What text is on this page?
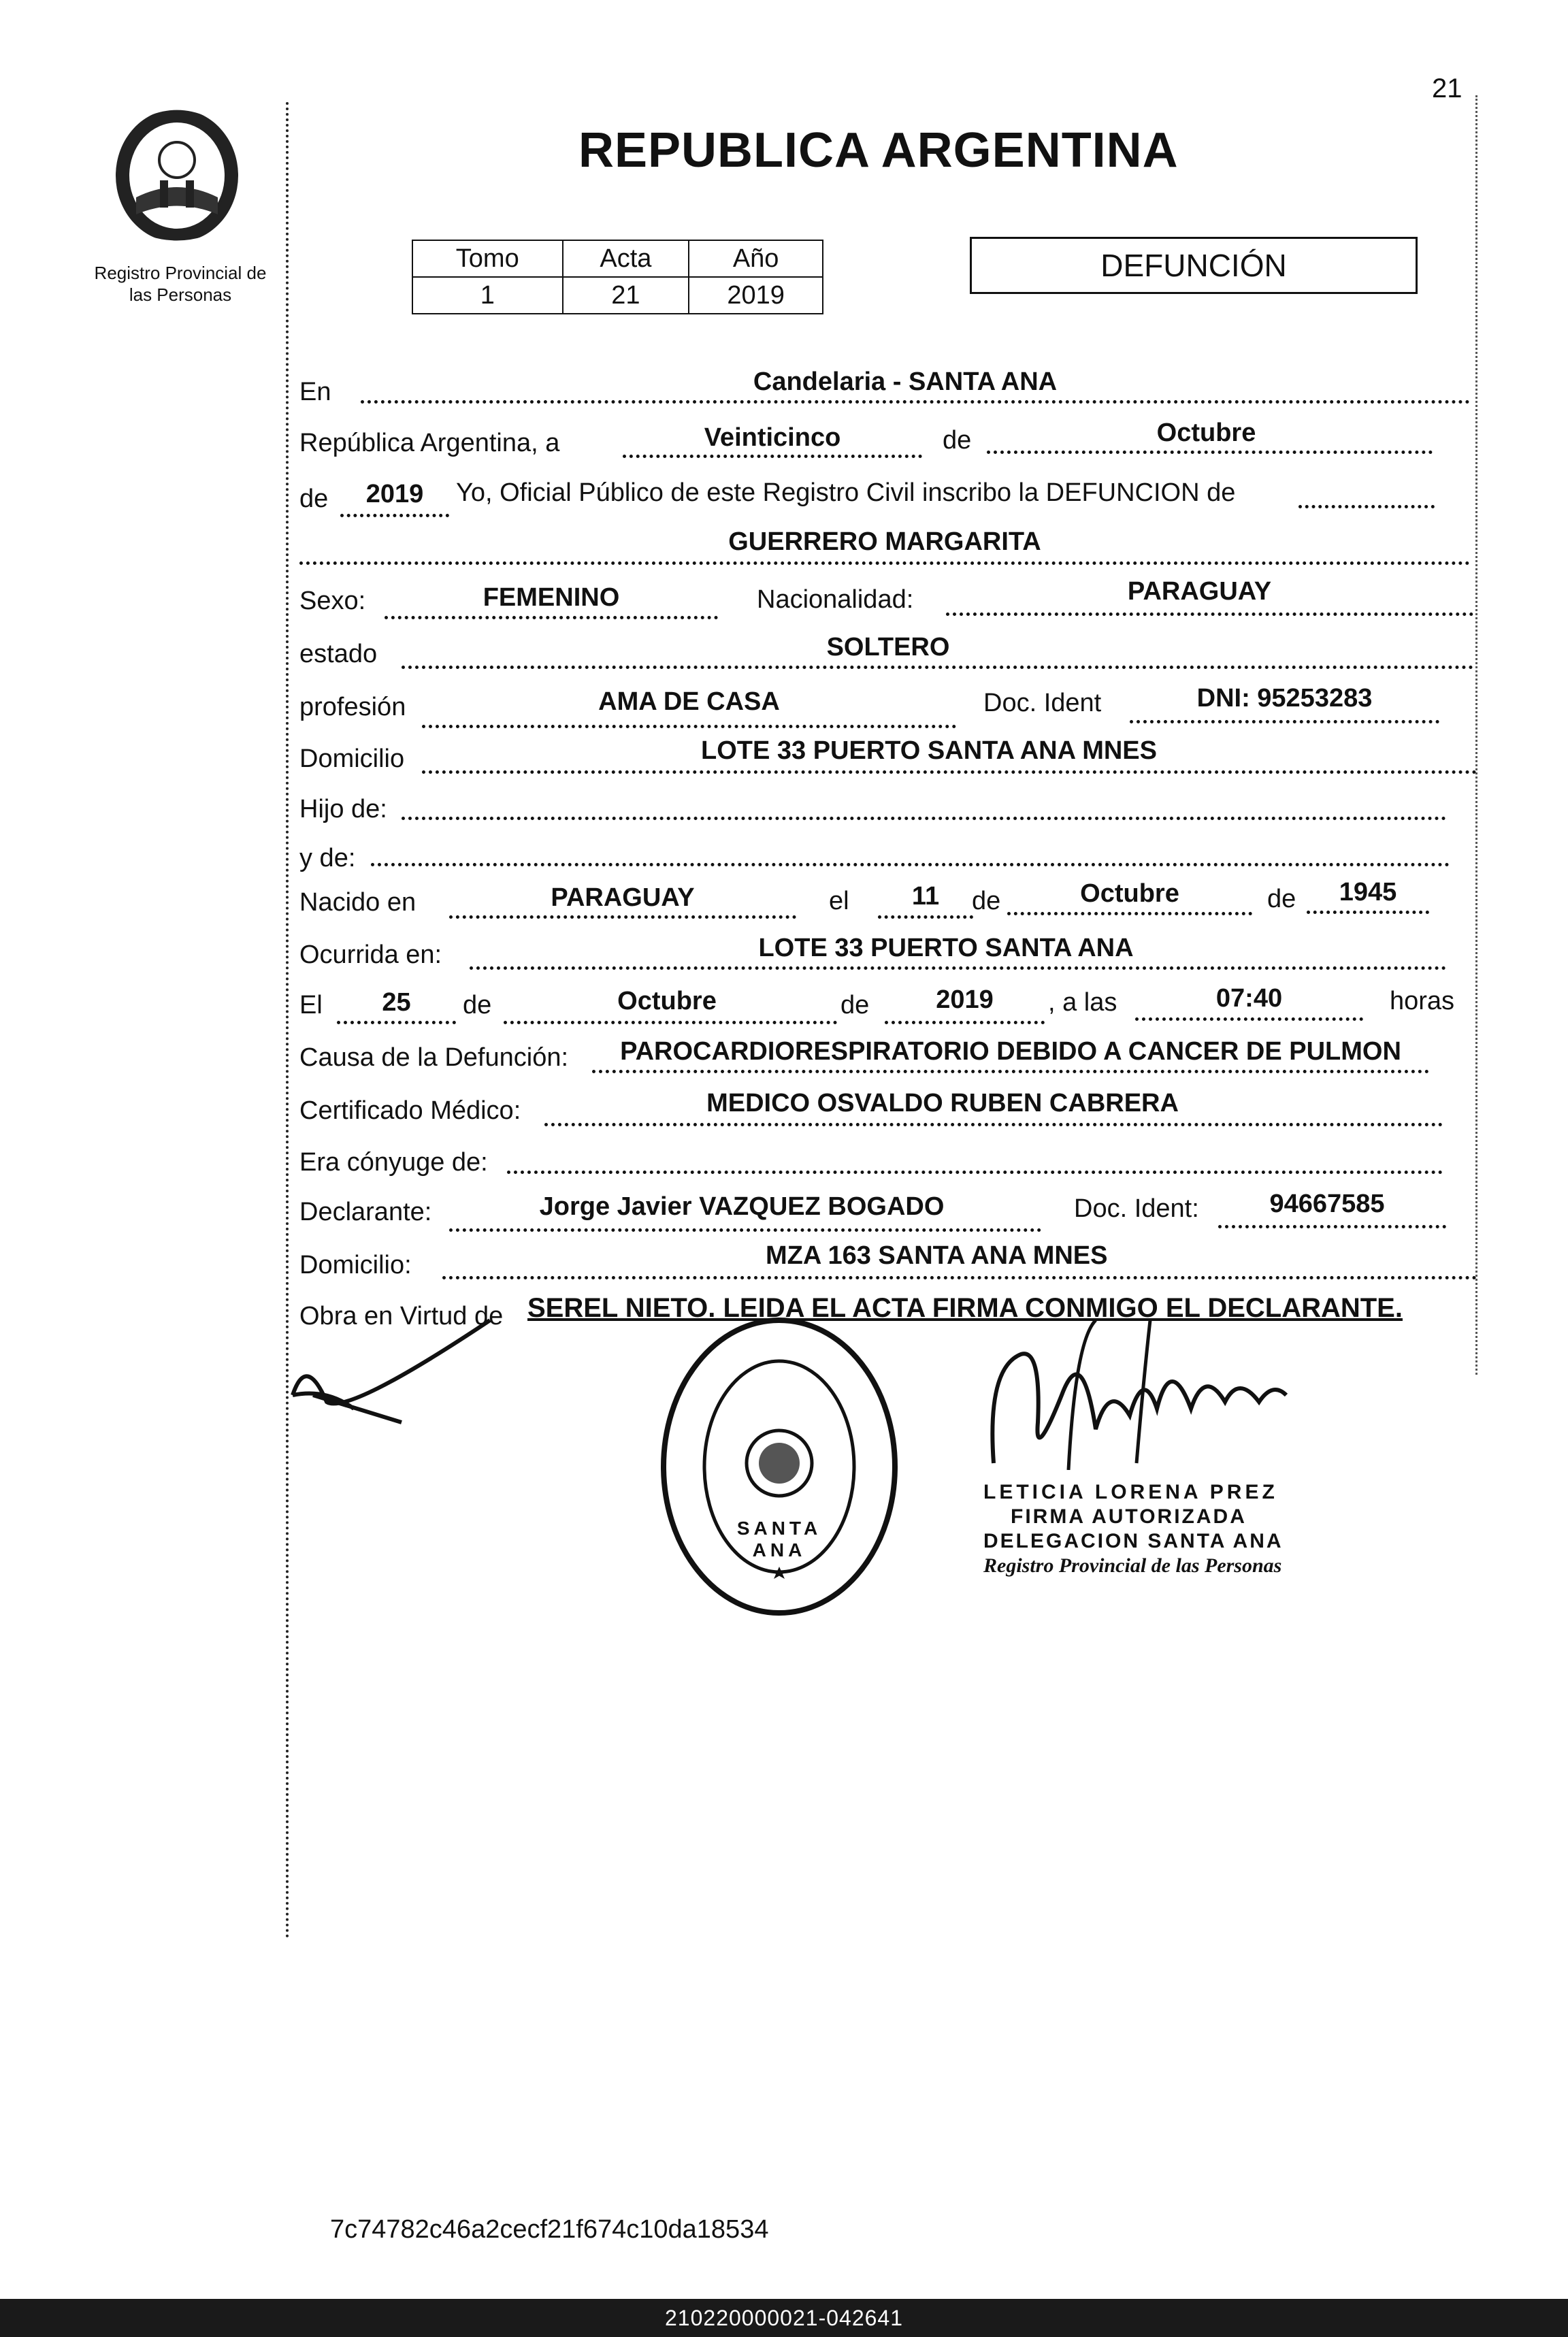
21
Registro Provincial de
las Personas
REPUBLICA ARGENTINA
Tomo	Acta	Año
1	21	2019
DEFUNCIÓN
En	Candelaria - SANTA ANA
República Argentina, a	Veinticinco	de	Octubre
de	2019	Yo, Oficial Público de este Registro Civil inscribo la DEFUNCION de
GUERRERO MARGARITA
Sexo:	FEMENINO	Nacionalidad:	PARAGUAY
estado	SOLTERO
profesión	AMA DE CASA	Doc. Ident	DNI: 95253283
Domicilio	LOTE 33 PUERTO SANTA ANA MNES
Hijo de:
y de:
Nacido en	PARAGUAY	el	11	de	Octubre	de	1945
Ocurrida en:	LOTE 33 PUERTO SANTA ANA
El	25	de	Octubre	de	2019	, a las	07:40	horas
Causa de la Defunción:	PAROCARDIORESPIRATORIO DEBIDO A CANCER DE PULMON
Certificado Médico:	MEDICO OSVALDO RUBEN CABRERA
Era cónyuge de:
Declarante:	Jorge Javier VAZQUEZ BOGADO	Doc. Ident:	94667585
Domicilio:	MZA 163 SANTA ANA MNES
Obra en Virtud de SEREL NIETO. LEIDA EL ACTA FIRMA CONMIGO EL DECLARANTE.
SANTA ANA
LETICIA LORENA PREZ
FIRMA AUTORIZADA
DELEGACION SANTA ANA
Registro Provincial de las Personas
7c74782c46a2cecf21f674c10da18534
210220000021-042641
